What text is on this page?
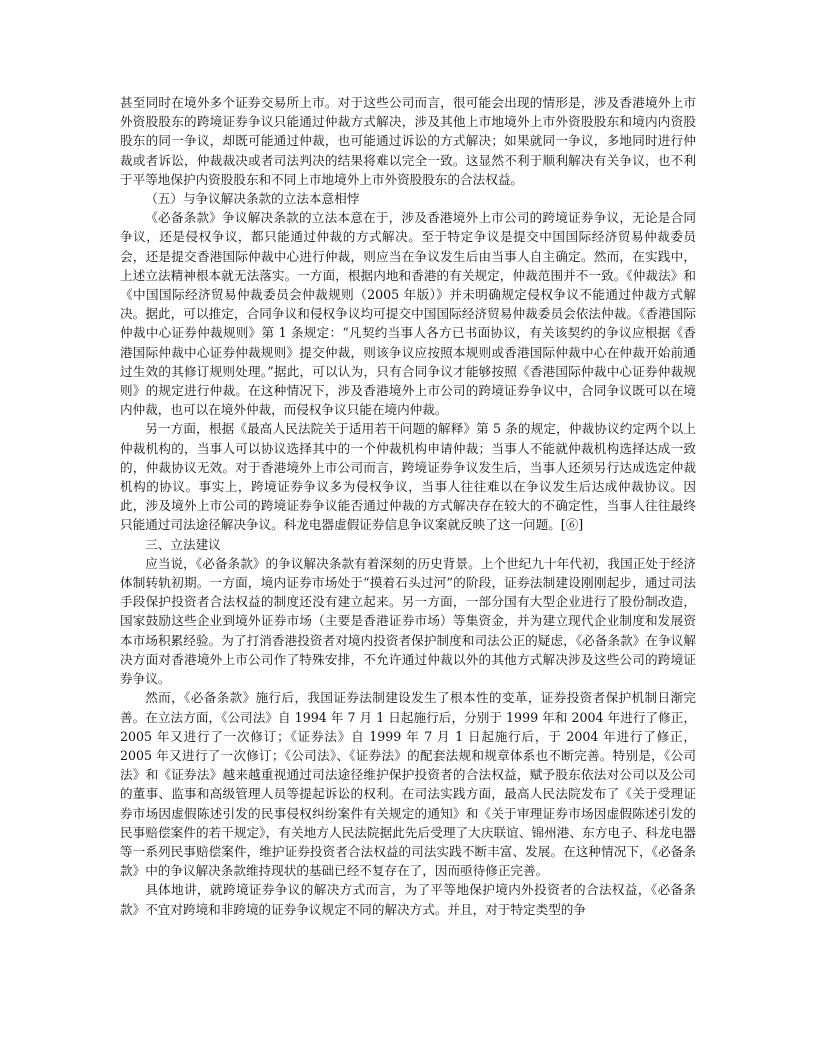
甚至同时在境外多个证券交易所上市。对于这些公司而言，很可能会出现的情形是，涉及香港境外上市外资股股东的跨境证券争议只能通过仲裁方式解决，涉及其他上市地境外上市外资股股东和境内内资股股东的同一争议，却既可能通过仲裁，也可能通过诉讼的方式解决；如果就同一争议，多地同时进行仲裁或者诉讼，仲裁裁决或者司法判决的结果将难以完全一致。这显然不利于顺利解决有关争议，也不利于平等地保护内资股股东和不同上市地境外上市外资股股东的合法权益。

（五）与争议解决条款的立法本意相悖

《必备条款》争议解决条款的立法本意在于，涉及香港境外上市公司的跨境证券争议，无论是合同争议，还是侵权争议，都只能通过仲裁的方式解决。至于特定争议是提交中国国际经济贸易仲裁委员会，还是提交香港国际仲裁中心进行仲裁，则应当在争议发生后由当事人自主确定。然而，在实践中，上述立法精神根本就无法落实。一方面，根据内地和香港的有关规定，仲裁范围并不一致。《仲裁法》和《中国国际经济贸易仲裁委员会仲裁规则（2005 年版）》并未明确规定侵权争议不能通过仲裁方式解决。据此，可以推定，合同争议和侵权争议均可提交中国国际经济贸易仲裁委员会依法仲裁。《香港国际仲裁中心证券仲裁规则》第 1 条规定：“凡契约当事人各方已书面协议，有关该契约的争议应根据《香港国际仲裁中心证券仲裁规则》提交仲裁，则该争议应按照本规则或香港国际仲裁中心在仲裁开始前通过生效的其修订规则处理。”据此，可以认为，只有合同争议才能够按照《香港国际仲裁中心证券仲裁规则》的规定进行仲裁。在这种情况下，涉及香港境外上市公司的跨境证券争议中，合同争议既可以在境内仲裁，也可以在境外仲裁，而侵权争议只能在境内仲裁。

另一方面，根据《最高人民法院关于适用若干问题的解释》第 5 条的规定，仲裁协议约定两个以上仲裁机构的，当事人可以协议选择其中的一个仲裁机构申请仲裁；当事人不能就仲裁机构选择达成一致的，仲裁协议无效。对于香港境外上市公司而言，跨境证券争议发生后，当事人还须另行达成选定仲裁机构的协议。事实上，跨境证券争议多为侵权争议，当事人往往难以在争议发生后达成仲裁协议。因此，涉及境外上市公司的跨境证券争议能否通过仲裁的方式解决存在较大的不确定性，当事人往往最终只能通过司法途径解决争议。科龙电器虚假证券信息争议案就反映了这一问题。[⑥]

三、立法建议

应当说，《必备条款》的争议解决条款有着深刻的历史背景。上个世纪九十年代初，我国正处于经济体制转轨初期。一方面，境内证券市场处于“摸着石头过河”的阶段，证券法制建设刚刚起步，通过司法手段保护投资者合法权益的制度还没有建立起来。另一方面，一部分国有大型企业进行了股份制改造，国家鼓励这些企业到境外证券市场（主要是香港证券市场）等集资金，并为建立现代企业制度和发展资本市场积累经验。为了打消香港投资者对境内投资者保护制度和司法公正的疑虑，《必备条款》在争议解决方面对香港境外上市公司作了特殊安排，不允许通过仲裁以外的其他方式解决涉及这些公司的跨境证券争议。

然而，《必备条款》施行后，我国证券法制建设发生了根本性的变革，证券投资者保护机制日渐完善。在立法方面，《公司法》自 1994 年 7 月 1 日起施行后，分别于 1999 年和 2004 年进行了修正，2005 年又进行了一次修订；《证券法》自 1999 年 7 月 1 日起施行后，于 2004 年进行了修正，2005 年又进行了一次修订；《公司法》、《证券法》的配套法规和规章体系也不断完善。特别是，《公司法》和《证券法》越来越重视通过司法途径维护保护投资者的合法权益，赋予股东依法对公司以及公司的董事、监事和高级管理人员等提起诉讼的权利。在司法实践方面，最高人民法院发布了《关于受理证券市场因虚假陈述引发的民事侵权纠纷案件有关规定的通知》和《关于审理证券市场因虚假陈述引发的民事赔偿案件的若干规定》，有关地方人民法院据此先后受理了大庆联谊、锦州港、东方电子、科龙电器等一系列民事赔偿案件，维护证券投资者合法权益的司法实践不断丰富、发展。在这种情况下，《必备条款》中的争议解决条款维持现状的基础已经不复存在了，因而亟待修正完善。

具体地讲，就跨境证券争议的解决方式而言，为了平等地保护境内外投资者的合法权益，《必备条款》不宜对跨境和非跨境的证券争议规定不同的解决方式。并且，对于特定类型的争
